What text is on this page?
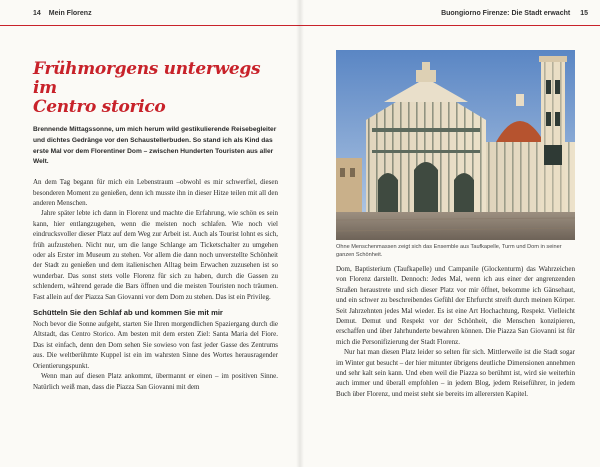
14 Mein Florenz
Frühmorgens unterwegs im
Centro storico

Brennende Mittagssonne, um mich herum wild gestikulierende Reisebegleiter und dichtes Gedränge vor den Schaustellerbuden. So stand ich als Kind das erste Mal vor dem Florentiner Dom – zwischen Hunderten Touristen aus aller Welt.

An dem Tag begann für mich ein Lebenstraum –obwohl es mir schwerfiel, diesen besonderen Moment zu genießen, denn ich musste ihn in dieser Hitze teilen mit all den anderen Menschen.

Jahre später lebte ich dann in Florenz und machte die Erfahrung, wie schön es sein kann, hier entlangzugehen, wenn die meisten noch schlafen. Wie noch viel eindrucksvoller dieser Platz auf dem Weg zur Arbeit ist. Auch als Tourist lohnt es sich, früh aufzustehen. Nicht nur, um die lange Schlange am Ticketschalter zu umgehen oder als Erster im Museum zu stehen. Vor allem die dann noch unverstellte Schönheit der Stadt zu genießen und dem italienischen Alltag beim Erwachen zuzusehen ist so wunderbar. Das sonst stets volle Florenz für sich zu haben, durch die Gassen zu schlendern, während gerade die Bars öffnen und die meisten Touristen noch träumen. Fast allein auf der Piazza San Giovanni vor dem Dom zu stehen. Das ist ein Privileg.

Schütteln Sie den Schlaf ab und kommen Sie mit mir

Noch bevor die Sonne aufgeht, starten Sie Ihren morgendlichen Spaziergang durch die Altstadt, das Centro Storico. Am besten mit dem ersten Ziel: Santa Maria del Fiore. Das ist einfach, denn den Dom sehen Sie sowieso von fast jeder Gasse des Zentrums aus. Die weltberühmte Kuppel ist ein im wahrsten Sinne des Wortes herausragender Orientierungspunkt.

Wenn man auf diesen Platz ankommt, übermannt er einen – im positiven Sinne. Natürlich weiß man, dass die Piazza San Giovanni mit dem

Buongiorno Firenze: Die Stadt erwacht 15
Ohne Menschenmassen zeigt sich das Ensemble aus Taufkapelle, Turm und Dom in seiner ganzen Schönheit.

Dom, Baptisterium (Taufkapelle) und Campanile (Glockenturm) das Wahrzeichen von Florenz darstellt. Dennoch: Jedes Mal, wenn ich aus einer der angrenzenden Straßen heraustrete und sich dieser Platz vor mir öffnet, bekomme ich Gänsehaut, und ein schwer zu beschreibendes Gefühl der Ehrfurcht streift durch meinen Körper. Seit Jahrzehnten jedes Mal wieder. Es ist eine Art Hochachtung, Respekt. Vielleicht Demut. Demut und Respekt vor der Schönheit, die Menschen konzipieren, erschaffen und über Jahrhunderte bewahren können. Die Piazza San Giovanni ist für mich die Personifizierung der Stadt Florenz.

Nur hat man diesen Platz leider so selten für sich. Mittlerweile ist die Stadt sogar im Winter gut besucht – der hier mitunter übrigens deutliche Dimensionen annehmen und sehr kalt sein kann. Und eben weil die Piazza so berühmt ist, wird sie weiterhin auch immer und überall empfohlen – in jedem Blog, jedem Reiseführer, in jedem Buch über Florenz, und meist steht sie bereits im allerersten Kapitel.
